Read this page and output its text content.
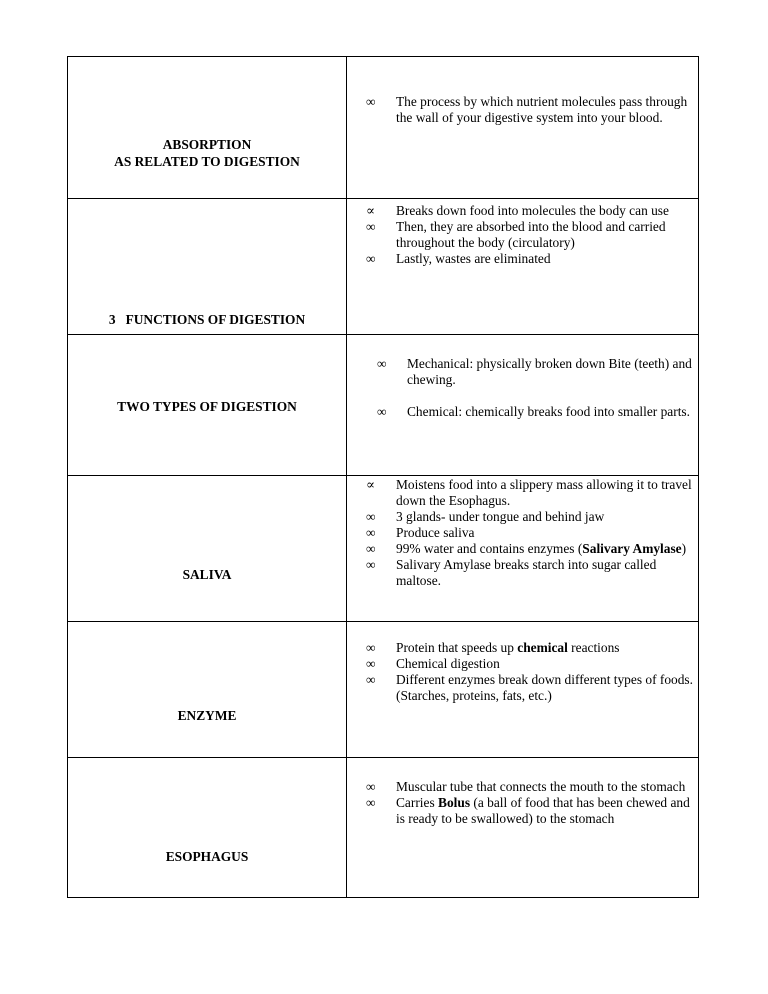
ABSORPTION
AS RELATED TO DIGESTION
∞	The process by which nutrient molecules pass through the wall of your digestive system into your blood.

3   FUNCTIONS OF DIGESTION

∝	Breaks down food into molecules the body can use
∞	Then, they are absorbed into the blood and carried throughout the body (circulatory)
∞	Lastly, wastes are eliminated
TWO TYPES OF DIGESTION
∞	Mechanical: physically broken down Bite (teeth) and chewing.
∞	Chemical: chemically breaks food into smaller parts.
SALIVA
∝	Moistens food into a slippery mass allowing it to travel down the Esophagus.
∞	3 glands- under tongue and behind jaw
∞	Produce saliva
∞	99% water and contains enzymes (Salivary Amylase)
∞	Salivary Amylase breaks starch into sugar called maltose.
ENZYME
∞	Protein that speeds up chemical reactions
∞	Chemical digestion
∞	Different enzymes break down different types of foods. (Starches, proteins, fats, etc.)
ESOPHAGUS
∞	Muscular tube that connects the mouth to the stomach
∞	Carries Bolus (a ball of food that has been chewed and is ready to be swallowed) to the stomach
